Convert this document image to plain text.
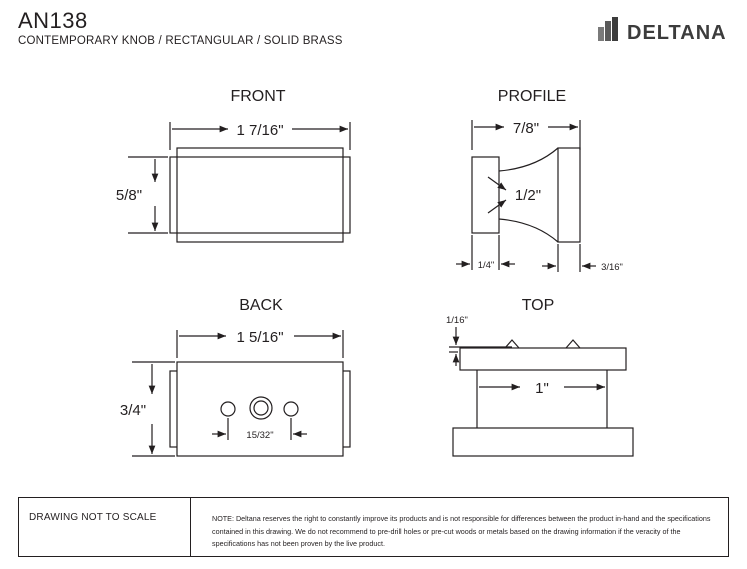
AN138
CONTEMPORARY KNOB / RECTANGULAR / SOLID BRASS	DELTANA
FRONT
1 7/16"
5/8"
PROFILE
7/8"
1/2"
1/4"	3/16"
BACK
1 5/16"
3/4"
15/32"
TOP
1/16"
1"
DRAWING NOT TO SCALE	NOTE: Deltana reserves the right to constantly improve its products and is not responsible for differences between the product in-hand and the specifications contained in this drawing. We do not recommend to pre-drill holes or pre-cut woods or metals based on the drawing information if the veracity of the specifications has not been proven by the live product.
